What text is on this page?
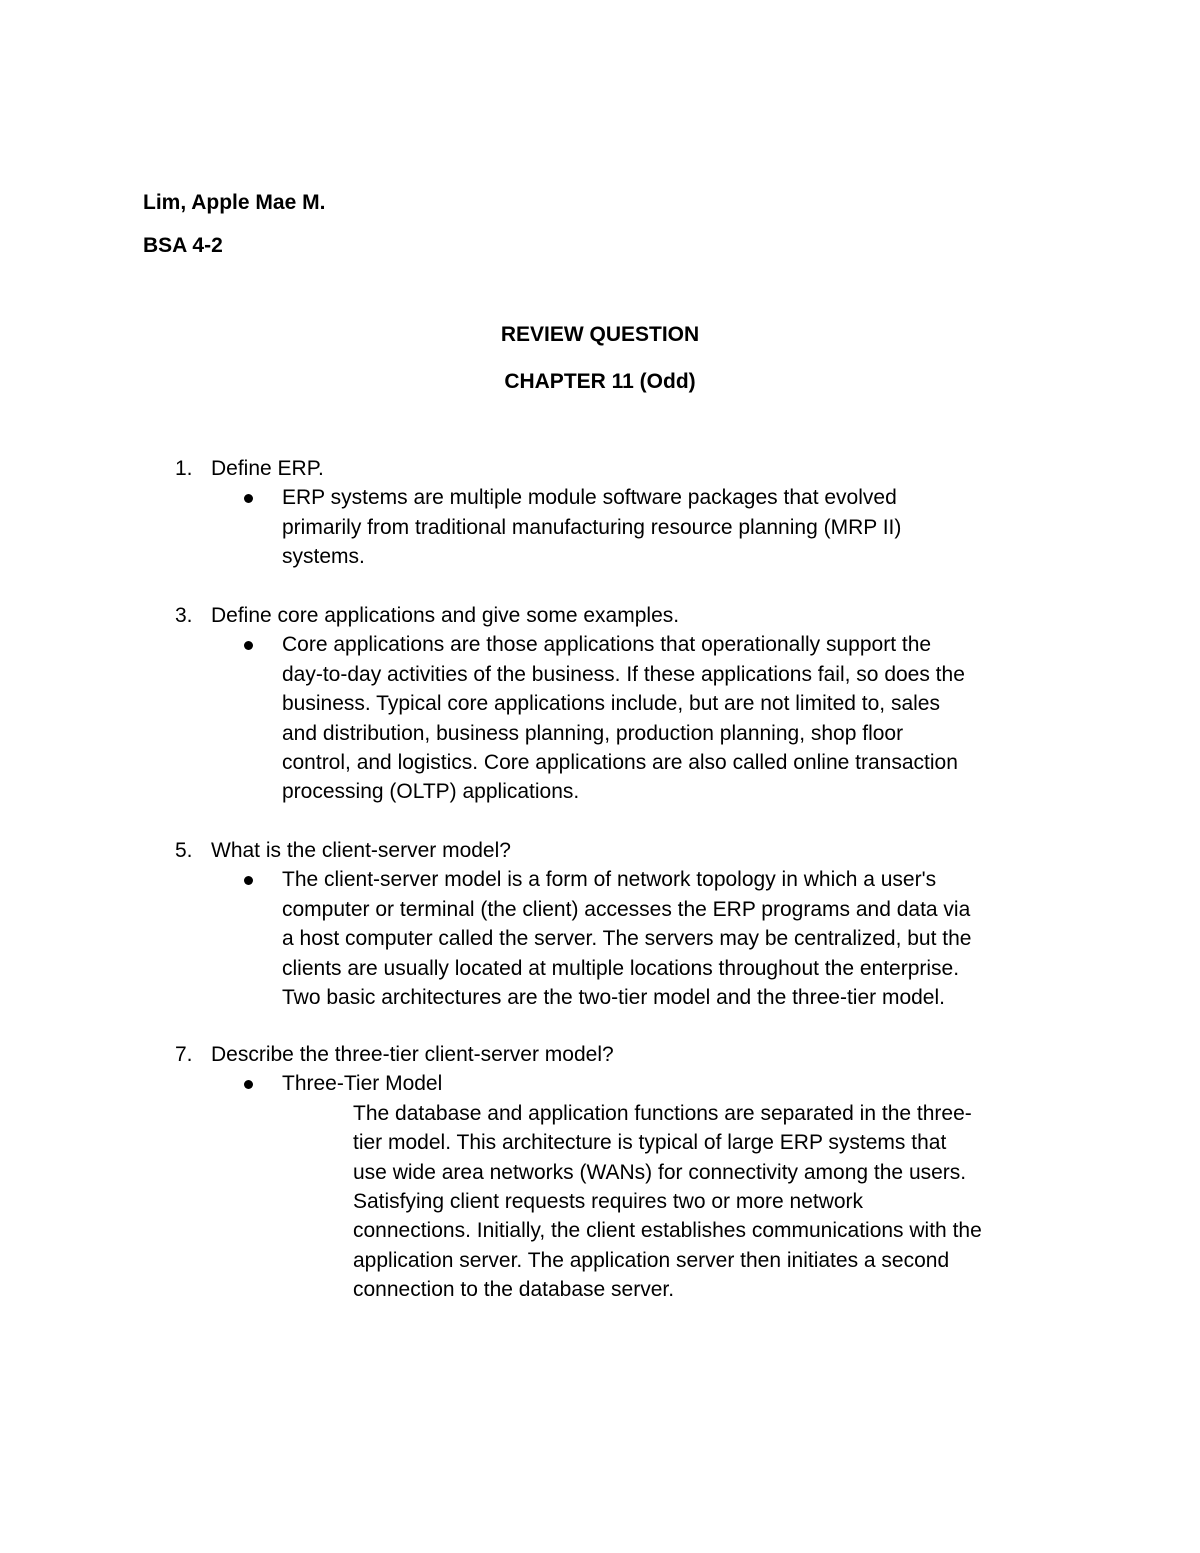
Lim, Apple Mae M.
BSA 4-2
REVIEW QUESTION
CHAPTER 11 (Odd)
1. Define ERP.
ERP systems are multiple module software packages that evolved
primarily from traditional manufacturing resource planning (MRP II)
systems.
3. Define core applications and give some examples.
Core applications are those applications that operationally support the
day-to-day activities of the business. If these applications fail, so does the
business. Typical core applications include, but are not limited to, sales
and distribution, business planning, production planning, shop floor
control, and logistics. Core applications are also called online transaction
processing (OLTP) applications.
5. What is the client-server model?
The client-server model is a form of network topology in which a user's
computer or terminal (the client) accesses the ERP programs and data via
a host computer called the server. The servers may be centralized, but the
clients are usually located at multiple locations throughout the enterprise.
Two basic architectures are the two-tier model and the three-tier model.
7. Describe the three-tier client-server model?
Three-Tier Model
The database and application functions are separated in the three-
tier model. This architecture is typical of large ERP systems that
use wide area networks (WANs) for connectivity among the users.
Satisfying client requests requires two or more network
connections. Initially, the client establishes communications with the
application server. The application server then initiates a second
connection to the database server.
